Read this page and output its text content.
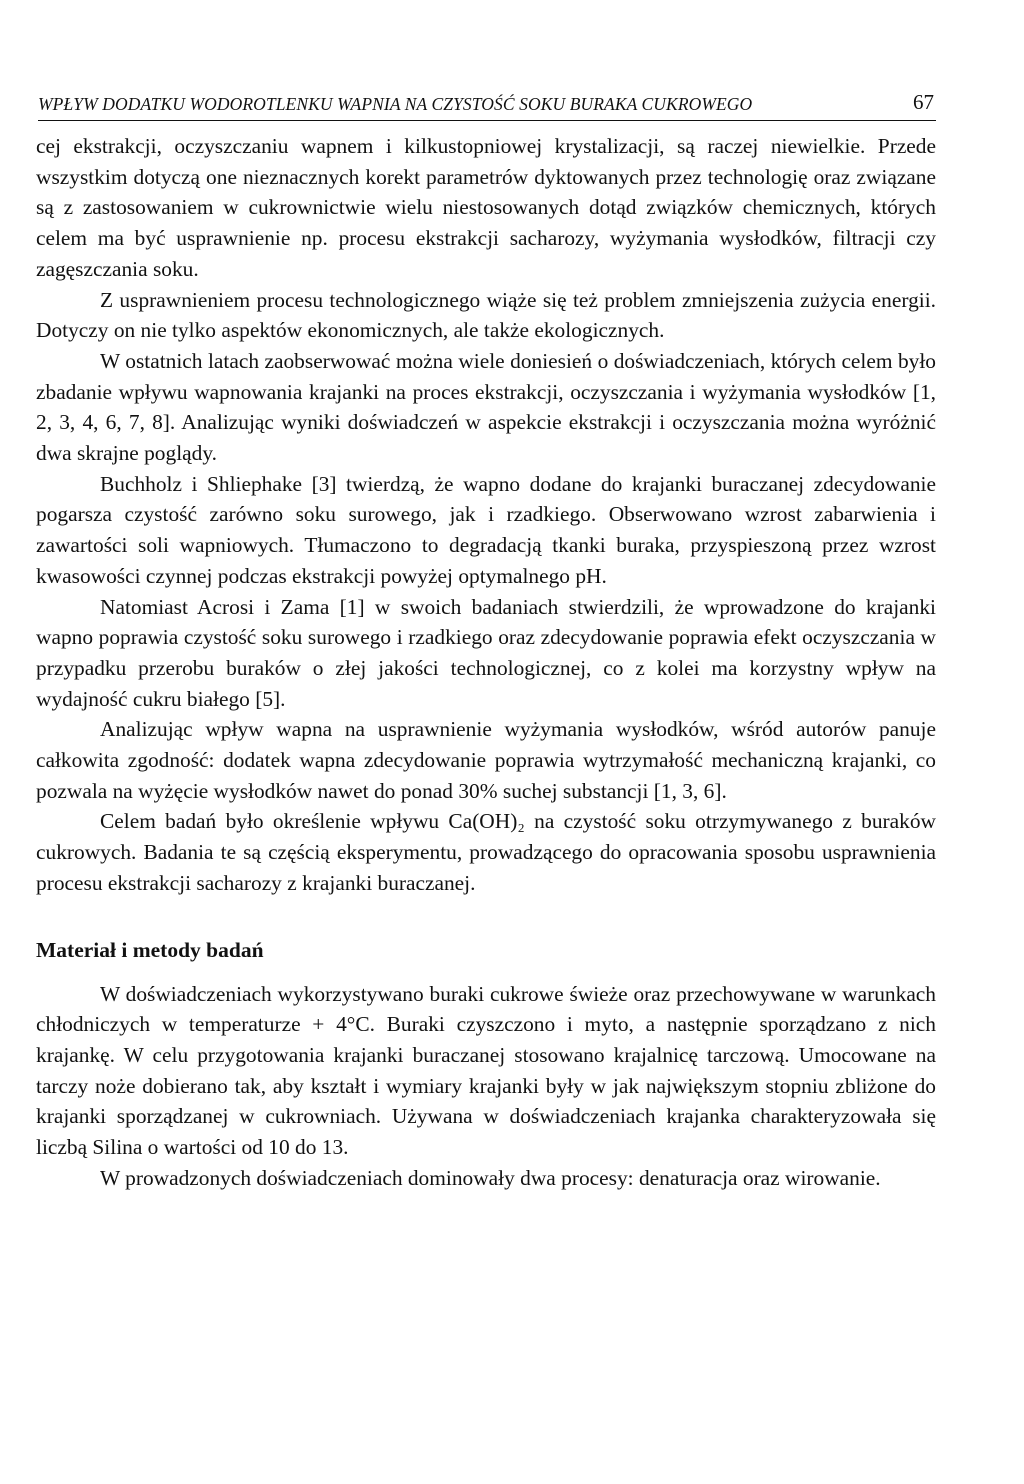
WPŁYW DODATKU WODOROTLENKU WAPNIA NA CZYSTOŚĆ SOKU BURAKA CUKROWEGO	67

cej ekstrakcji, oczyszczaniu wapnem i kilkustopniowej krystalizacji, są raczej niewielkie. Przede wszystkim dotyczą one nieznacznych korekt parametrów dyktowanych przez technologię oraz związane są z zastosowaniem w cukrownictwie wielu niestosowanych dotąd związków chemicznych, których celem ma być usprawnienie np. procesu ekstrakcji sacharozy, wyżymania wysłodków, filtracji czy zagęszczania soku.

Z usprawnieniem procesu technologicznego wiąże się też problem zmniejszenia zużycia energii. Dotyczy on nie tylko aspektów ekonomicznych, ale także ekologicznych.

W ostatnich latach zaobserwować można wiele doniesień o doświadczeniach, których celem było zbadanie wpływu wapnowania krajanki na proces ekstrakcji, oczyszczania i wyżymania wysłodków [1, 2, 3, 4, 6, 7, 8]. Analizując wyniki doświadczeń w aspekcie ekstrakcji i oczyszczania można wyróżnić dwa skrajne poglądy.

Buchholz i Shliephake [3] twierdzą, że wapno dodane do krajanki buraczanej zdecydowanie pogarsza czystość zarówno soku surowego, jak i rzadkiego. Obserwowano wzrost zabarwienia i zawartości soli wapniowych. Tłumaczono to degradacją tkanki buraka, przyspieszoną przez wzrost kwasowości czynnej podczas ekstrakcji powyżej optymalnego pH.

Natomiast Acrosi i Zama [1] w swoich badaniach stwierdzili, że wprowadzone do krajanki wapno poprawia czystość soku surowego i rzadkiego oraz zdecydowanie poprawia efekt oczyszczania w przypadku przerobu buraków o złej jakości technologicznej, co z kolei ma korzystny wpływ na wydajność cukru białego [5].

Analizując wpływ wapna na usprawnienie wyżymania wysłodków, wśród autorów panuje całkowita zgodność: dodatek wapna zdecydowanie poprawia wytrzymałość mechaniczną krajanki, co pozwala na wyżęcie wysłodków nawet do ponad 30% suchej substancji [1, 3, 6].

Celem badań było określenie wpływu Ca(OH)₂ na czystość soku otrzymywanego z buraków cukrowych. Badania te są częścią eksperymentu, prowadzącego do opracowania sposobu usprawnienia procesu ekstrakcji sacharozy z krajanki buraczanej.

Materiał i metody badań

W doświadczeniach wykorzystywano buraki cukrowe świeże oraz przechowywane w warunkach chłodniczych w temperaturze + 4°C. Buraki czyszczono i myto, a następnie sporządzano z nich krajankę. W celu przygotowania krajanki buraczanej stosowano krajalnicę tarczową. Umocowane na tarczy noże dobierano tak, aby kształt i wymiary krajanki były w jak największym stopniu zbliżone do krajanki sporządzanej w cukrowniach. Używana w doświadczeniach krajanka charakteryzowała się liczbą Silina o wartości od 10 do 13.

W prowadzonych doświadczeniach dominowały dwa procesy: denaturacja oraz wirowanie.
